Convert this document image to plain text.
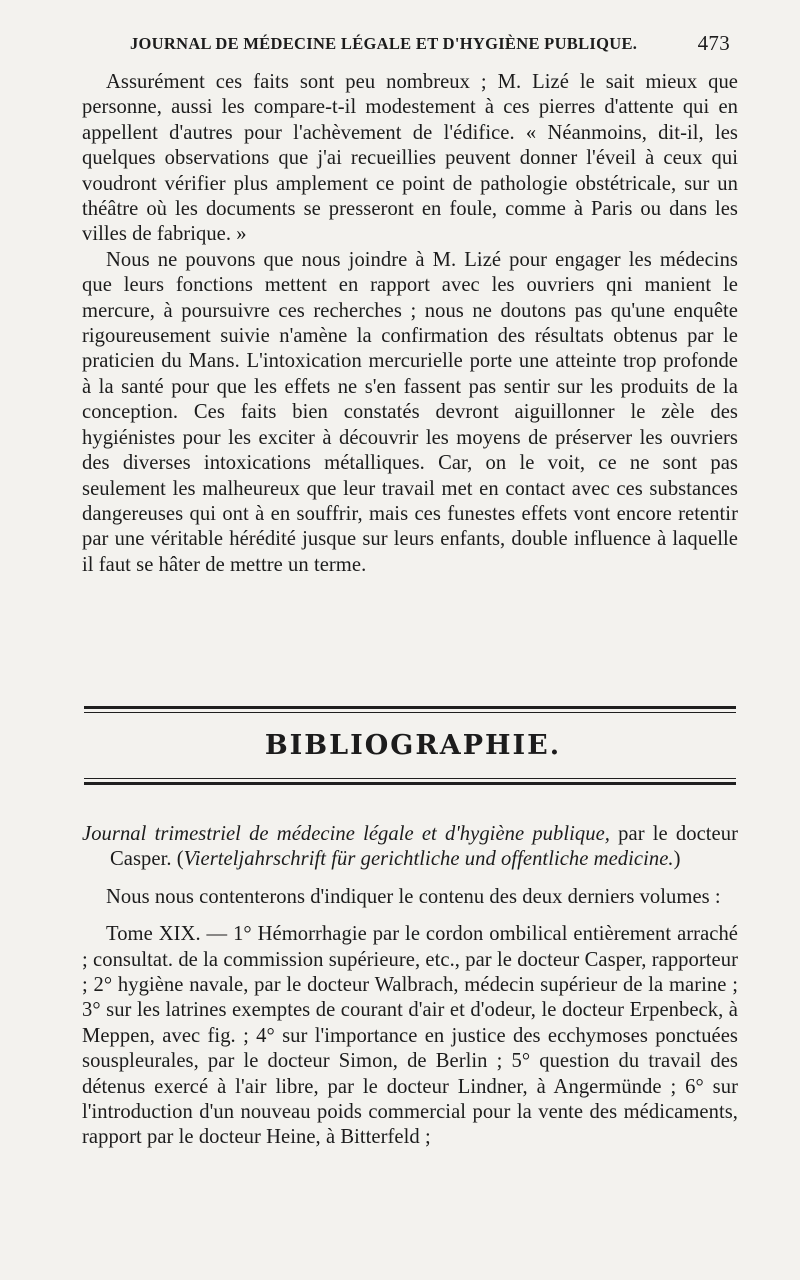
JOURNAL DE MÉDECINE LÉGALE ET D'HYGIÈNE PUBLIQUE.	473

Assurément ces faits sont peu nombreux ; M. Lizé le sait mieux que personne, aussi les compare-t-il modestement à ces pierres d'attente qui en appellent d'autres pour l'achèvement de l'édifice. « Néanmoins, dit-il, les quelques observations que j'ai recueillies peuvent donner l'éveil à ceux qui voudront vérifier plus amplement ce point de pathologie obstétricale, sur un théâtre où les documents se presseront en foule, comme à Paris ou dans les villes de fabrique. »

Nous ne pouvons que nous joindre à M. Lizé pour engager les médecins que leurs fonctions mettent en rapport avec les ouvriers qni manient le mercure, à poursuivre ces recherches ; nous ne doutons pas qu'une enquête rigoureusement suivie n'amène la confirmation des résultats obtenus par le praticien du Mans. L'intoxication mercurielle porte une atteinte trop profonde à la santé pour que les effets ne s'en fassent pas sentir sur les produits de la conception. Ces faits bien constatés devront aiguillonner le zèle des hygiénistes pour les exciter à découvrir les moyens de préserver les ouvriers des diverses intoxications métalliques. Car, on le voit, ce ne sont pas seulement les malheureux que leur travail met en contact avec ces substances dangereuses qui ont à en souffrir, mais ces funestes effets vont encore retentir par une véritable hérédité jusque sur leurs enfants, double influence à laquelle il faut se hâter de mettre un terme.

BIBLIOGRAPHIE.

Journal trimestriel de médecine légale et d'hygiène publique, par le docteur Casper. (Vierteljahrschrift für gerichtliche und offentliche medicine.)

Nous nous contenterons d'indiquer le contenu des deux derniers volumes :

Tome XIX. — 1° Hémorrhagie par le cordon ombilical entièrement arraché ; consultat. de la commission supérieure, etc., par le docteur Casper, rapporteur ; 2° hygiène navale, par le docteur Walbrach, médecin supérieur de la marine ; 3° sur les latrines exemptes de courant d'air et d'odeur, le docteur Erpenbeck, à Meppen, avec fig. ; 4° sur l'importance en justice des ecchymoses ponctuées souspleurales, par le docteur Simon, de Berlin ; 5° question du travail des détenus exercé à l'air libre, par le docteur Lindner, à Angermünde ; 6° sur l'introduction d'un nouveau poids commercial pour la vente des médicaments, rapport par le docteur Heine, à Bitterfeld ;
